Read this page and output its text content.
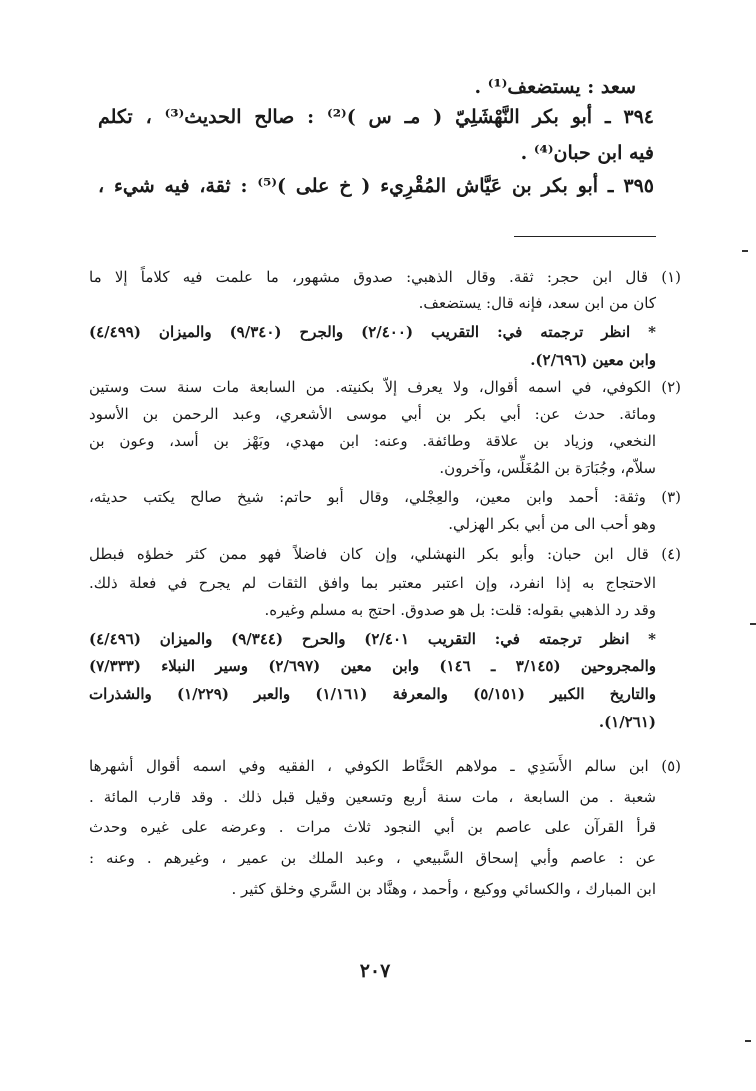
سعد : يستضعف⁽¹⁾ .
٣٩٤ ـ أبو بكر النَّهْشَلِيّ ( مـ س )⁽²⁾ : صالح الحديث⁽³⁾ ، تكلم
فيه ابن حبان⁽⁴⁾ .
٣٩٥ ـ أبو بكر بن عَيَّاش المُقْرِيء ( خ على )⁽⁵⁾ : ثقة، فيه شيء ،
(١) قال ابن حجر: ثقة. وقال الذهبي: صدوق مشهور، ما علمت فيه كلاماً إلا ما
كان من ابن سعد، فإنه قال: يستضعف.
* انظر ترجمته في: التقريب (٢/٤٠٠) والجرح (٩/٣٤٠) والميزان (٤/٤٩٩)
وابن معين (٢/٦٩٦).
(٢) الكوفي، في اسمه أقوال، ولا يعرف إلاّ بكنيته. من السابعة مات سنة ست وستين
ومائة. حدث عن: أبي بكر بن أبي موسى الأشعري، وعبد الرحمن بن الأسود
النخعي، وزياد بن علاقة وطائفة. وعنه: ابن مهدي، وبَهْز بن أسد، وعون بن
سلاّم، وجُبَارَة بن المُغَلِّس، وآخرون.
(٣) وثقة: أحمد وابن معين، والعِجْلي، وقال أبو حاتم: شيخ صالح يكتب حديثه،
وهو أحب الى من أبي بكر الهزلي.
(٤) قال ابن حبان: وأبو بكر النهشلي، وإن كان فاضلاً فهو ممن كثر خطؤه فبطل
الاحتجاج به إذا انفرد، وإن اعتبر معتبر بما وافق الثقات لم يجرح في فعلة ذلك.
وقد رد الذهبي بقوله: قلت: بل هو صدوق. احتج به مسلم وغيره.
* انظر ترجمته في: التقريب ٢/٤٠١) والحرح (٩/٣٤٤) والميزان (٤/٤٩٦)
والمجروحين (٣/١٤٥ ـ ١٤٦) وابن معين (٢/٦٩٧) وسير النبلاء (٧/٣٣٣)
والتاريخ الكبير (٥/١٥١) والمعرفة (١/١٦١) والعبر (١/٢٢٩) والشذرات
(١/٢٦١).
(٥) ابن سالم الأَسَدِي ـ مولاهم الحَنَّاط الكوفي ، الفقيه وفي اسمه أقوال أشهرها
شعبة . من السابعة ، مات سنة أربع وتسعين وقيل قبل ذلك . وقد قارب المائة .
قرأ القرآن على عاصم بن أبي النجود ثلاث مرات . وعرضه على غيره وحدث
عن : عاصم وأبي إسحاق السَّبيعي ، وعبد الملك بن عمير ، وغيرهم . وعنه :
ابن المبارك ، والكسائي ووكيع ، وأحمد ، وهنَّاد بن السَّري وخلق كثير .
٢٠٧
